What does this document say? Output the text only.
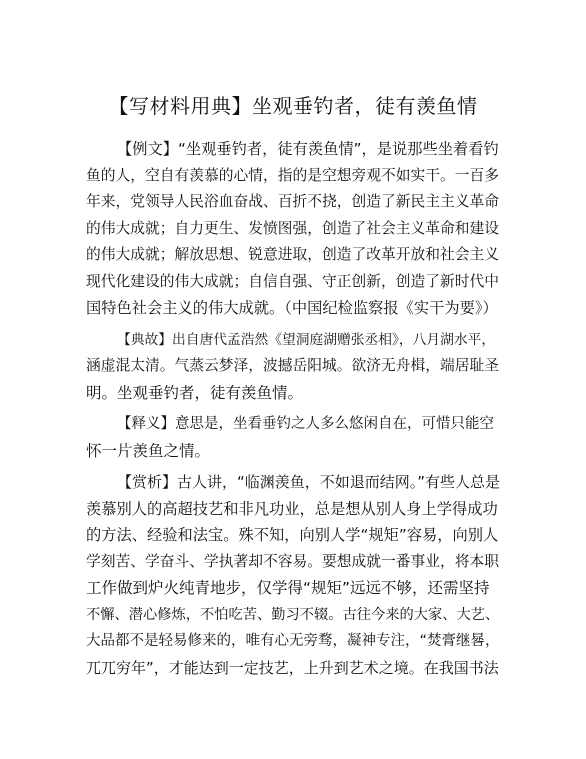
【写材料用典】坐观垂钓者，徒有羡鱼情
【例文】“坐观垂钓者，徒有羡鱼情”，是说那些坐着看钓
鱼的人，空自有羡慕的心情，指的是空想旁观不如实干。一百多
年来，党领导人民浴血奋战、百折不挠，创造了新民主主义革命
的伟大成就；自力更生、发愤图强，创造了社会主义革命和建设
的伟大成就；解放思想、锐意进取，创造了改革开放和社会主义
现代化建设的伟大成就；自信自强、守正创新，创造了新时代中
国特色社会主义的伟大成就。（中国纪检监察报《实干为要》）
【典故】出自唐代孟浩然《望洞庭湖赠张丞相》，八月湖水平，
涵虚混太清。气蒸云梦泽，波撼岳阳城。欲济无舟楫，端居耻圣
明。坐观垂钓者，徒有羡鱼情。
【释义】意思是，坐看垂钓之人多么悠闲自在，可惜只能空
怀一片羡鱼之情。
【赏析】古人讲，“临渊羡鱼，不如退而结网。”有些人总是
羡慕别人的高超技艺和非凡功业，总是想从别人身上学得成功
的方法、经验和法宝。殊不知，向别人学“规矩”容易，向别人
学刻苦、学奋斗、学执著却不容易。要想成就一番事业，将本职
工作做到炉火纯青地步，仅学得“规矩”远远不够，还需坚持
不懈、潜心修炼，不怕吃苦、勤习不辍。古往今来的大家、大艺、
大品都不是轻易修来的，唯有心无旁骛，凝神专注，“焚膏继晷，
兀兀穷年”，才能达到一定技艺，上升到艺术之境。在我国书法
